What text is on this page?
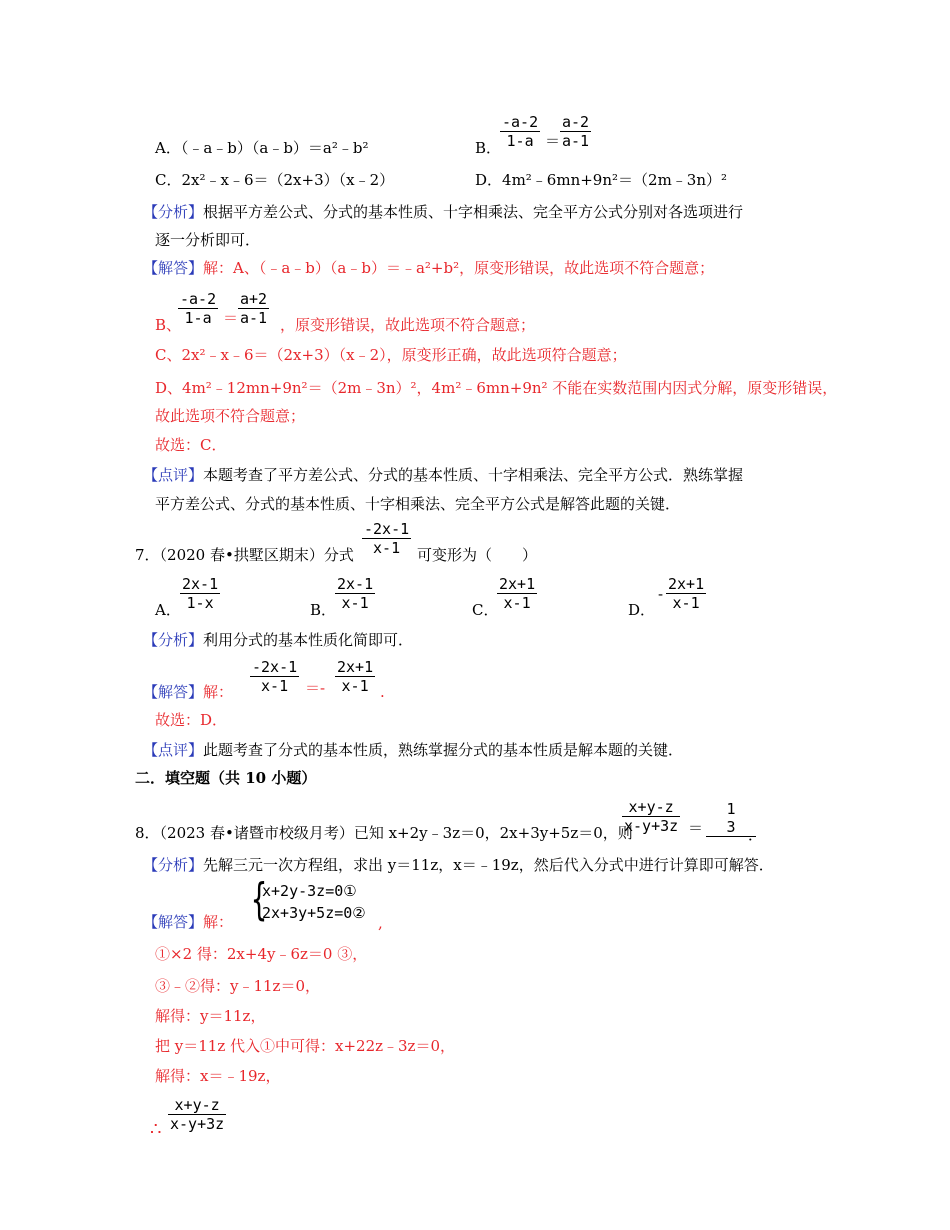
A．（﹣a﹣b）（a﹣b）＝a²﹣b²	B．
$\frac{-a-2}{1-a} = \frac{a-2}{a-1}$
C．2x²﹣x﹣6＝（2x+3）（x﹣2）	D．4m²﹣6mn+9n²＝（2m﹣3n）²
【分析】根据平方差公式、分式的基本性质、十字相乘法、完全平方公式分别对各选项进行
逐一分析即可．
【解答】解：A、（﹣a﹣b）（a﹣b）＝﹣a²+b²，原变形错误，故此选项不符合题意；
B、
$\frac{-a-2}{1-a} = \frac{a+2}{a-1}$ ，原变形错误，故此选项不符合题意；
C、2x²﹣x﹣6＝（2x+3）（x﹣2），原变形正确，故此选项符合题意；
D、4m²﹣12mn+9n²＝（2m﹣3n）²，4m²﹣6mn+9n² 不能在实数范围内因式分解，原变形错误，
故此选项不符合题意；
故选：C．
【点评】本题考查了平方差公式、分式的基本性质、十字相乘法、完全平方公式．熟练掌握
平方差公式、分式的基本性质、十字相乘法、完全平方公式是解答此题的关键．
7．（2020 春•拱墅区期末）分式 $\frac{-2x-1}{x-1}$ 可变形为（　　）
A． $\frac{2x-1}{1-x}$	B．
$\frac{2x-1}{x-1}$	C．
$\frac{2x+1}{x-1}$	D．
- $\frac{2x+1}{x-1}$
【分析】利用分式的基本性质化简即可．
【解答】解： $\frac{-2x-1}{x-1} =- \frac{2x+1}{x-1}$ .
故选：D．
【点评】此题考查了分式的基本性质，熟练掌握分式的基本性质是解本题的关键．
二．填空题（共 10 小题）
8．（2023 春•诸暨市校级月考）已知 x+2y﹣3z＝0，2x+3y+5z＝0，则
$\frac{x+y-z}{x-y+3z}$ ＝
1
3 ．
【分析】先解三元一次方程组，求出 y＝11z，x＝﹣19z，然后代入分式中进行计算即可解答．
【解答】解： {
x+2y-3z=0①
2x+3y+5z=0②
,
①×2 得：2x+4y﹣6z＝0 ③，
③﹣②得：y﹣11z＝0，
解得：y＝11z，
把 y＝11z 代入①中可得：x+22z﹣3z＝0，
解得：x＝﹣19z，
∴ $\frac{x+y-z}{x-y+3z}$
